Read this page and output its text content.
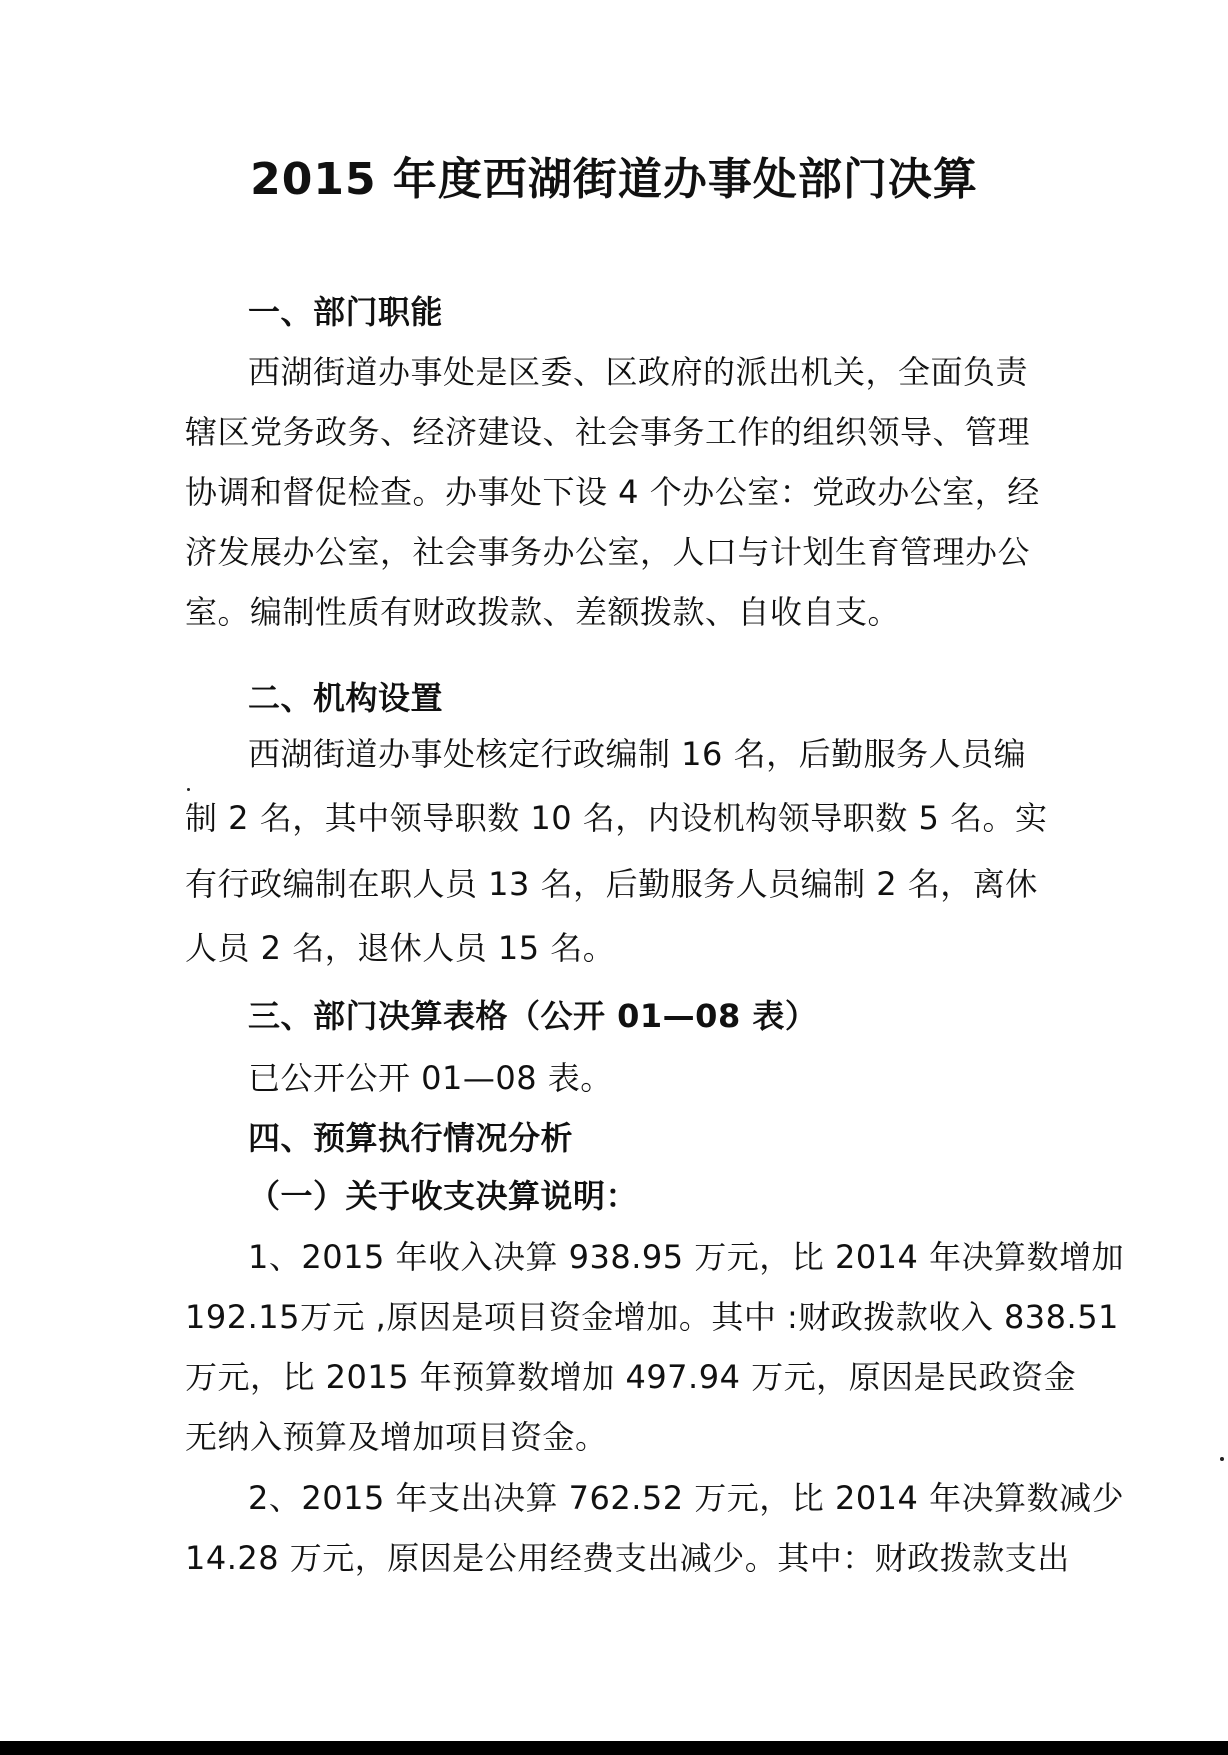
2015 年度西湖街道办事处部门决算
一、部门职能
西湖街道办事处是区委、区政府的派出机关，全面负责
辖区党务政务、经济建设、社会事务工作的组织领导、管理
协调和督促检查。办事处下设 4 个办公室：党政办公室，经
济发展办公室，社会事务办公室，人口与计划生育管理办公
室。编制性质有财政拨款、差额拨款、自收自支。
二、机构设置
西湖街道办事处核定行政编制 16 名，后勤服务人员编
制 2 名，其中领导职数 10 名，内设机构领导职数 5 名。实
有行政编制在职人员 13 名，后勤服务人员编制 2 名，离休
人员 2 名，退休人员 15 名。
三、部门决算表格（公开 01—08 表）
已公开公开 01—08 表。
四、预算执行情况分析
（一）关于收支决算说明：
1、2015 年收入决算 938.95 万元，比 2014 年决算数增加
192.15万元 ,原因是项目资金增加。其中 :财政拨款收入 838.51
万元，比 2015 年预算数增加 497.94 万元，原因是民政资金
无纳入预算及增加项目资金。
2、2015 年支出决算 762.52 万元，比 2014 年决算数减少
14.28 万元，原因是公用经费支出减少。其中：财政拨款支出
